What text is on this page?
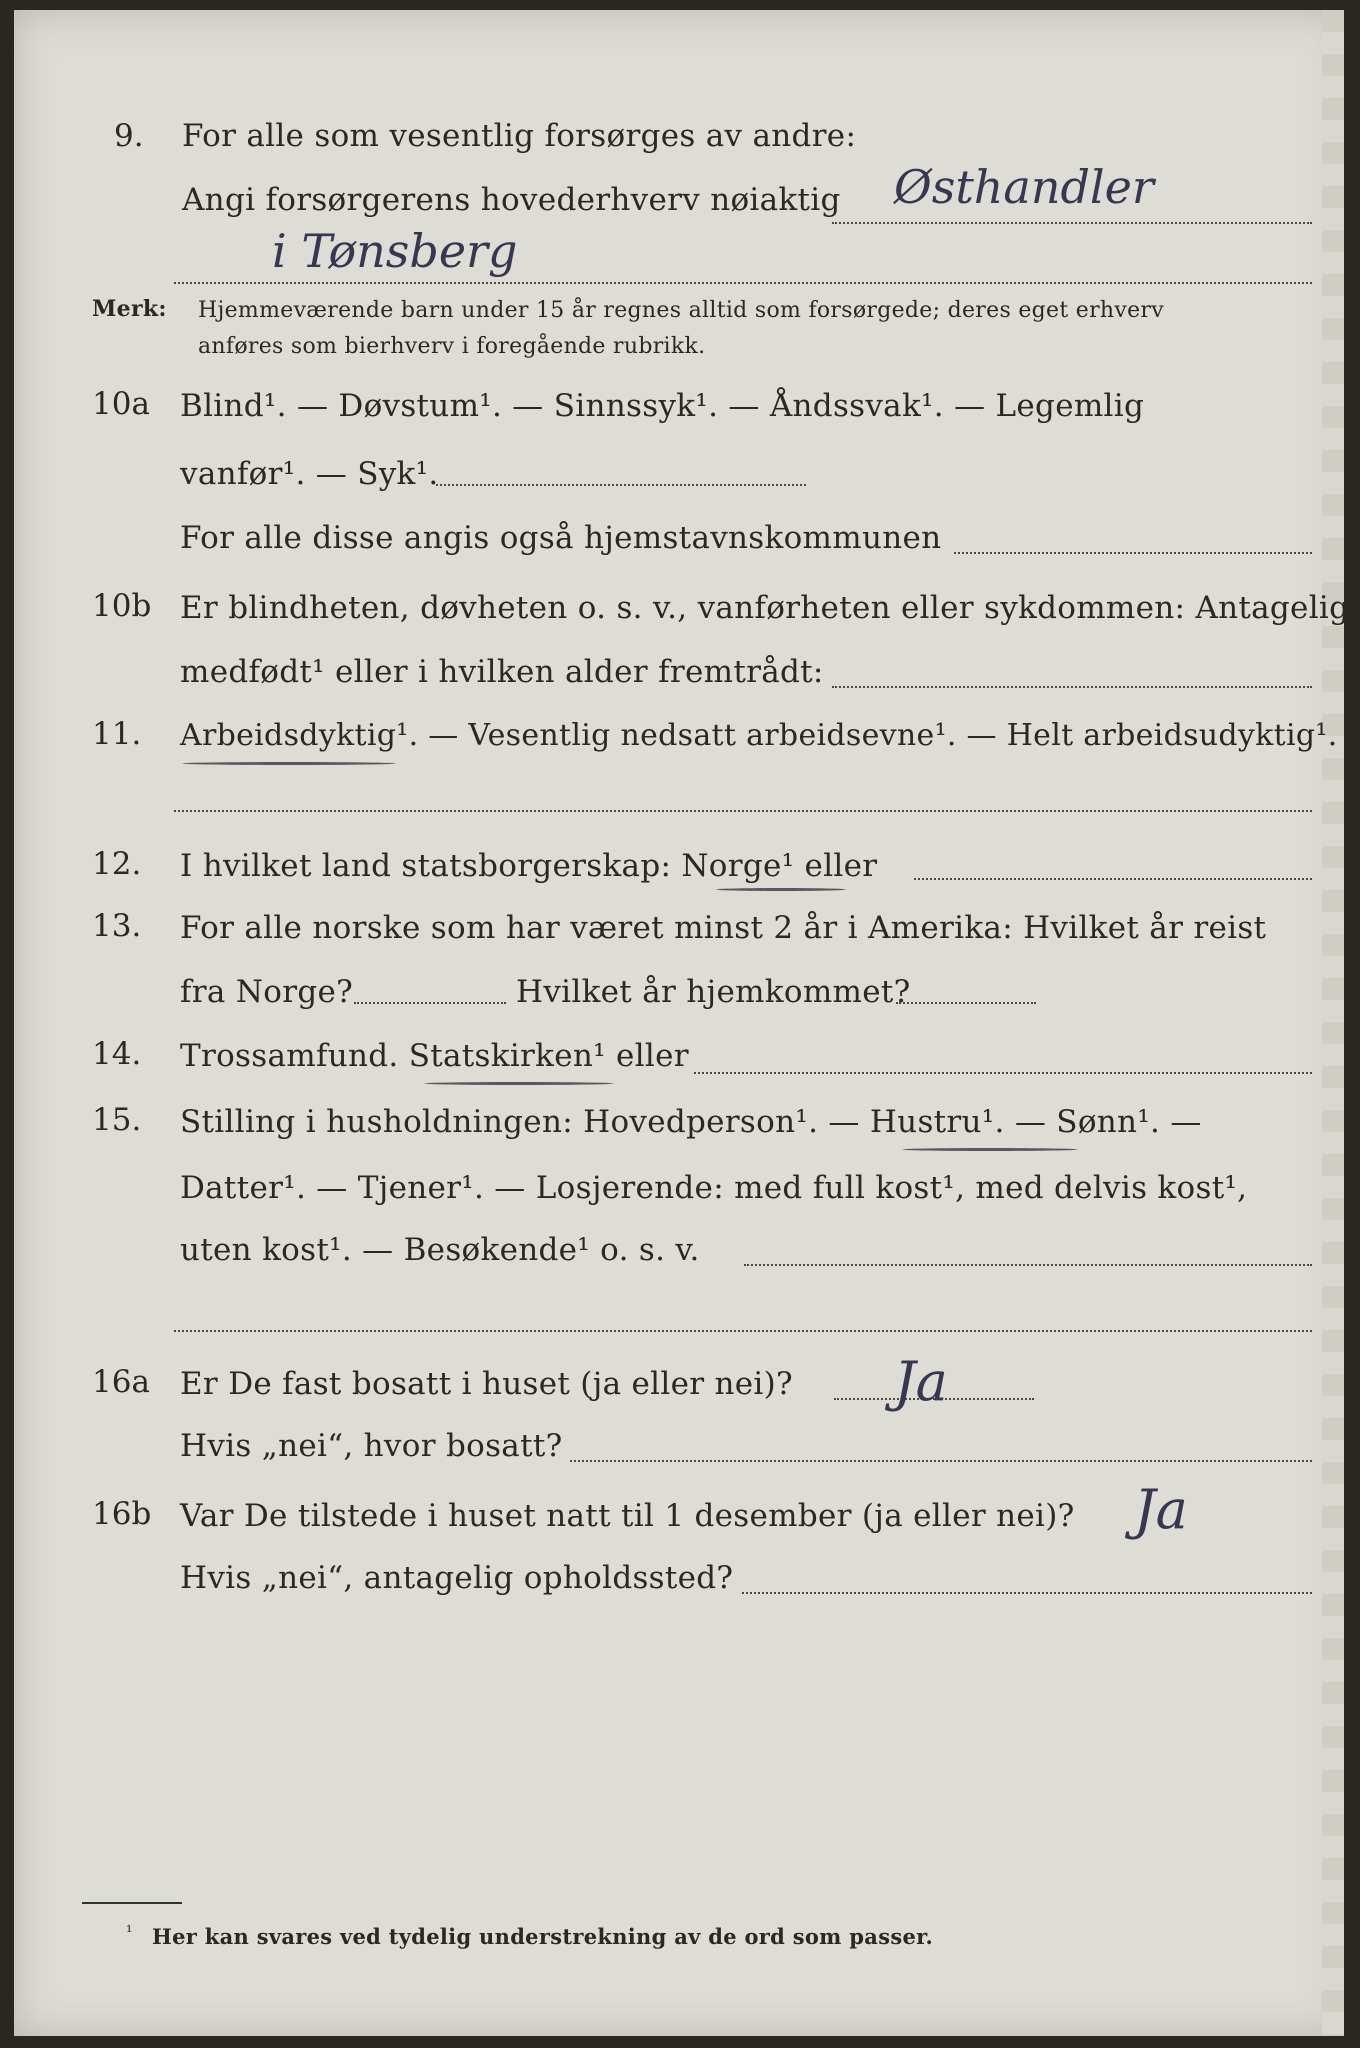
9. For alle som vesentlig forsørges av andre:
Angi forsørgerens hovederhverv nøiaktig Østhandler
i Tønsberg
Merk: Hjemmeværende barn under 15 år regnes alltid som forsørgede; deres eget erhverv
anføres som bierhverv i foregående rubrikk.
10a Blind¹. — Døvstum¹. — Sinnssyk¹. — Åndssvak¹. — Legemlig
vanfør¹. — Syk¹.
For alle disse angis også hjemstavnskommunen
10b Er blindheten, døvheten o. s. v., vanførheten eller sykdommen: Antagelig
medfødt¹ eller i hvilken alder fremtrådt:
11. Arbeidsdyktig¹. — Vesentlig nedsatt arbeidsevne¹. — Helt arbeidsudyktig¹.
12. I hvilket land statsborgerskap: Norge¹ eller
13. For alle norske som har været minst 2 år i Amerika: Hvilket år reist
fra Norge?	Hvilket år hjemkommet?
14. Trossamfund. Statskirken¹ eller
15. Stilling i husholdningen: Hovedperson¹. — Hustru¹. — Sønn¹. —
Datter¹. — Tjener¹. — Losjerende: med full kost¹, med delvis kost¹,
uten kost¹. — Besøkende¹ o. s. v.
16a Er De fast bosatt i huset (ja eller nei)? Ja
Hvis „nei“, hvor bosatt?
16b Var De tilstede i huset natt til 1 desember (ja eller nei)? Ja
Hvis „nei“, antagelig opholdssted?
¹ Her kan svares ved tydelig understrekning av de ord som passer.
